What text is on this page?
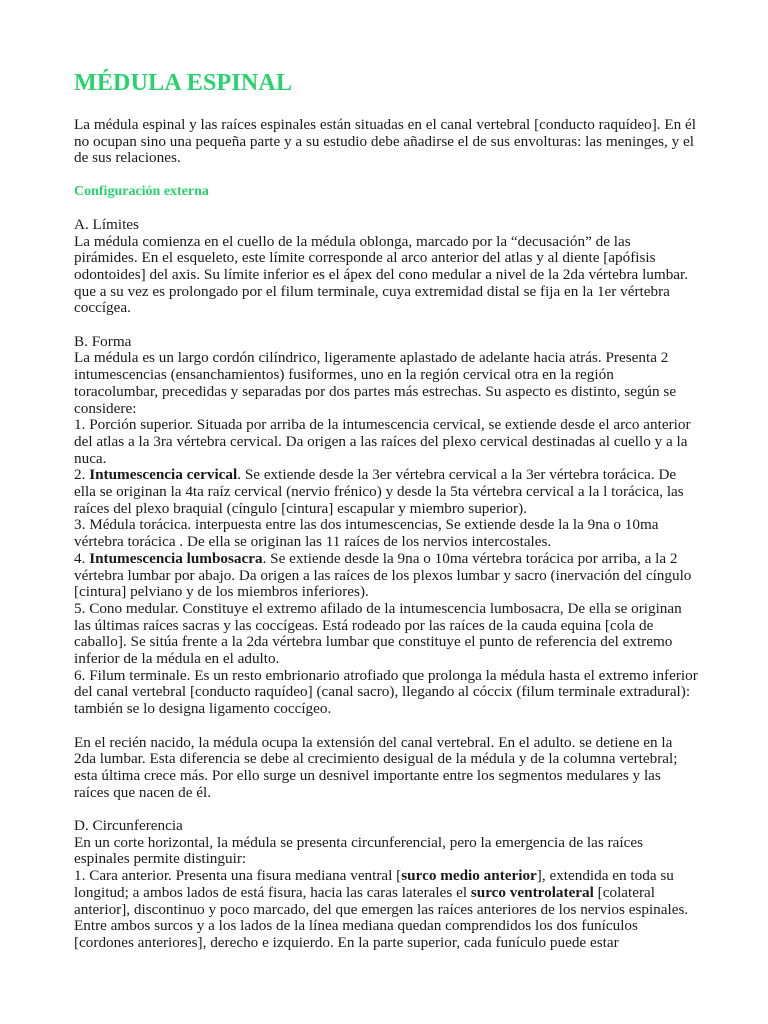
MÉDULA ESPINAL

La médula espinal y las raíces espinales están situadas en el canal vertebral [conducto raquídeo]. En él no ocupan sino una pequeña parte y a su estudio debe añadirse el de sus envolturas: las meninges, y el de sus relaciones.

Configuración externa

A. Límites
La médula comienza en el cuello de la médula oblonga, marcado por la “decusación” de las pirámides. En el esqueleto, este límite corresponde al arco anterior del atlas y al diente [apófisis odontoides] del axis. Su límite inferior es el ápex del cono medular a nivel de la 2da vértebra lumbar. que a su vez es prolongado por el filum terminale, cuya extremidad distal se fija en la 1er vértebra coccígea.

B. Forma
La médula es un largo cordón cilíndrico, ligeramente aplastado de adelante hacia atrás. Presenta 2 intumescencias (ensanchamientos) fusiformes, uno en la región cervical otra en la región toracolumbar, precedidas y separadas por dos partes más estrechas. Su aspecto es distinto, según se considere:
1. Porción superior. Situada por arriba de la intumescencia cervical, se extiende desde el arco anterior del atlas a la 3ra vértebra cervical. Da origen a las raíces del plexo cervical destinadas al cuello y a la nuca.
2. Intumescencia cervical. Se extiende desde la 3er vértebra cervical a la 3er vértebra torácica. De ella se originan la 4ta raíz cervical (nervio frénico) y desde la 5ta vértebra cervical a la l torácica, las raíces del plexo braquial (cíngulo [cintura] escapular y miembro superior).
3. Médula torácica. interpuesta entre las dos intumescencias, Se extiende desde la la 9na o 10ma vértebra torácica . De ella se originan las 11 raíces de los nervios intercostales.
4. Intumescencia lumbosacra. Se extiende desde la 9na o 10ma vértebra torácica por arriba, a la 2 vértebra lumbar por abajo. Da origen a las raíces de los plexos lumbar y sacro (inervación del cíngulo [cintura] pelviano y de los miembros inferiores).
5. Cono medular. Constituye el extremo afilado de la intumescencia lumbosacra, De ella se originan las últimas raíces sacras y las coccígeas. Está rodeado por las raíces de la cauda equina [cola de caballo]. Se sitúa frente a la 2da vértebra lumbar que constituye el punto de referencia del extremo inferior de la médula en el adulto.
6. Filum terminale. Es un resto embrionario atrofiado que prolonga la médula hasta el extremo inferior del canal vertebral [conducto raquídeo] (canal sacro), llegando al cóccix (filum terminale extradural): también se lo designa ligamento coccígeo.

En el recién nacido, la médula ocupa la extensión del canal vertebral. En el adulto. se detiene en la 2da lumbar. Esta diferencia se debe al crecimiento desigual de la médula y de la columna vertebral; esta última crece más. Por ello surge un desnivel importante entre los segmentos medulares y las raíces que nacen de él.

D. Circunferencia
En un corte horizontal, la médula se presenta circunferencial, pero la emergencia de las raíces espinales permite distinguir:
1. Cara anterior. Presenta una fisura mediana ventral [surco medio anterior], extendida en toda su longitud; a ambos lados de está fisura, hacia las caras laterales el surco ventrolateral [colateral anterior], discontinuo y poco marcado, del que emergen las raíces anteriores de los nervios espinales. Entre ambos surcos y a los lados de la línea mediana quedan comprendidos los dos funículos [cordones anteriores], derecho e izquierdo. En la parte superior, cada funículo puede estar
